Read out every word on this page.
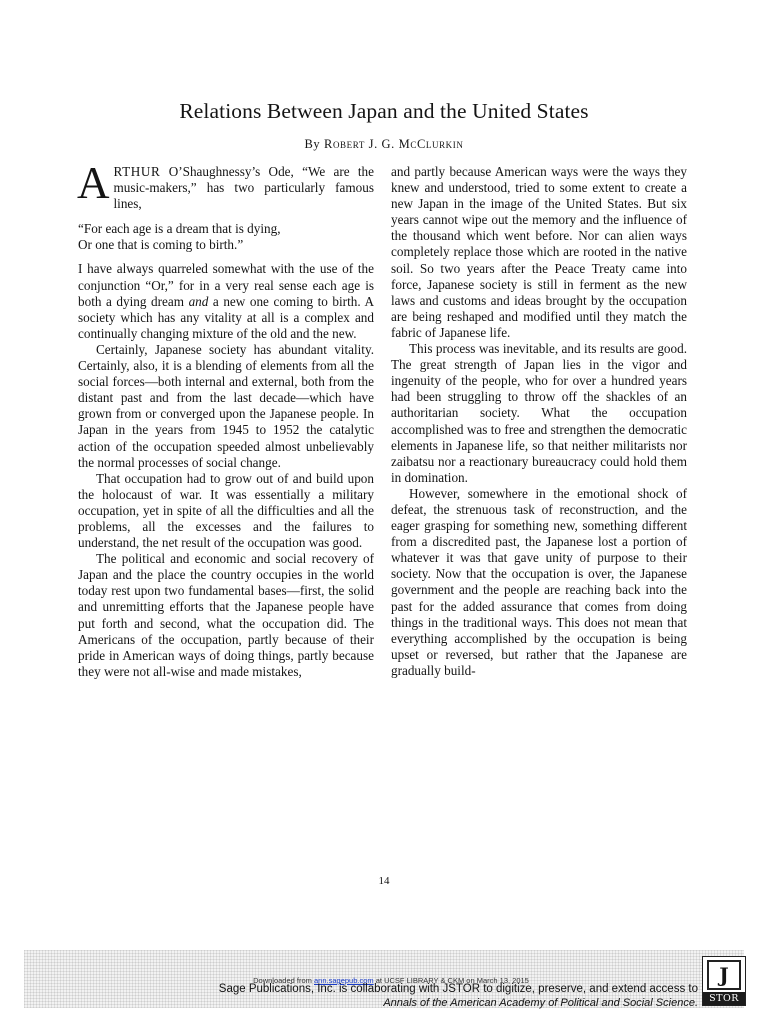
Relations Between Japan and the United States
By Robert J. G. McClurkin

ARTHUR O’Shaughnessy’s Ode, “We are the music-makers,” has two particularly famous lines,

“For each age is a dream that is dying,
Or one that is coming to birth.”

I have always quarreled somewhat with the use of the conjunction “Or,” for in a very real sense each age is both a dying dream and a new one coming to birth. A society which has any vitality at all is a complex and continually changing mixture of the old and the new.

Certainly, Japanese society has abundant vitality. Certainly, also, it is a blending of elements from all the social forces—both internal and external, both from the distant past and from the last decade—which have grown from or converged upon the Japanese people. In Japan in the years from 1945 to 1952 the catalytic action of the occupation speeded almost unbelievably the normal processes of social change.

That occupation had to grow out of and build upon the holocaust of war. It was essentially a military occupation, yet in spite of all the difficulties and all the problems, all the excesses and the failures to understand, the net result of the occupation was good.

The political and economic and social recovery of Japan and the place the country occupies in the world today rest upon two fundamental bases—first, the solid and unremitting efforts that the Japanese people have put forth and second, what the occupation did. The Americans of the occupation, partly because of their pride in American ways of doing things, partly because they were not all-wise and made mistakes,

and partly because American ways were the ways they knew and understood, tried to some extent to create a new Japan in the image of the United States. But six years cannot wipe out the memory and the influence of the thousand which went before. Nor can alien ways completely replace those which are rooted in the native soil. So two years after the Peace Treaty came into force, Japanese society is still in ferment as the new laws and customs and ideas brought by the occupation are being reshaped and modified until they match the fabric of Japanese life.

This process was inevitable, and its results are good. The great strength of Japan lies in the vigor and ingenuity of the people, who for over a hundred years had been struggling to throw off the shackles of an authoritarian society. What the occupation accomplished was to free and strengthen the democratic elements in Japanese life, so that neither militarists nor zaibatsu nor a reactionary bureaucracy could hold them in domination.

However, somewhere in the emotional shock of defeat, the strenuous task of reconstruction, and the eager grasping for something new, something different from a discredited past, the Japanese lost a portion of whatever it was that gave unity of purpose to their society. Now that the occupation is over, the Japanese government and the people are reaching back into the past for the added assurance that comes from doing things in the traditional ways. This does not mean that everything accomplished by the occupation is being upset or reversed, but rather that the Japanese are gradually build-

14
Downloaded from ann.sagepub.com at UCSF LIBRARY & CKM on March 13, 2015
Sage Publications, Inc. is collaborating with JSTOR to digitize, preserve, and extend access to
Annals of the American Academy of Political and Social Science.
J
STOR
